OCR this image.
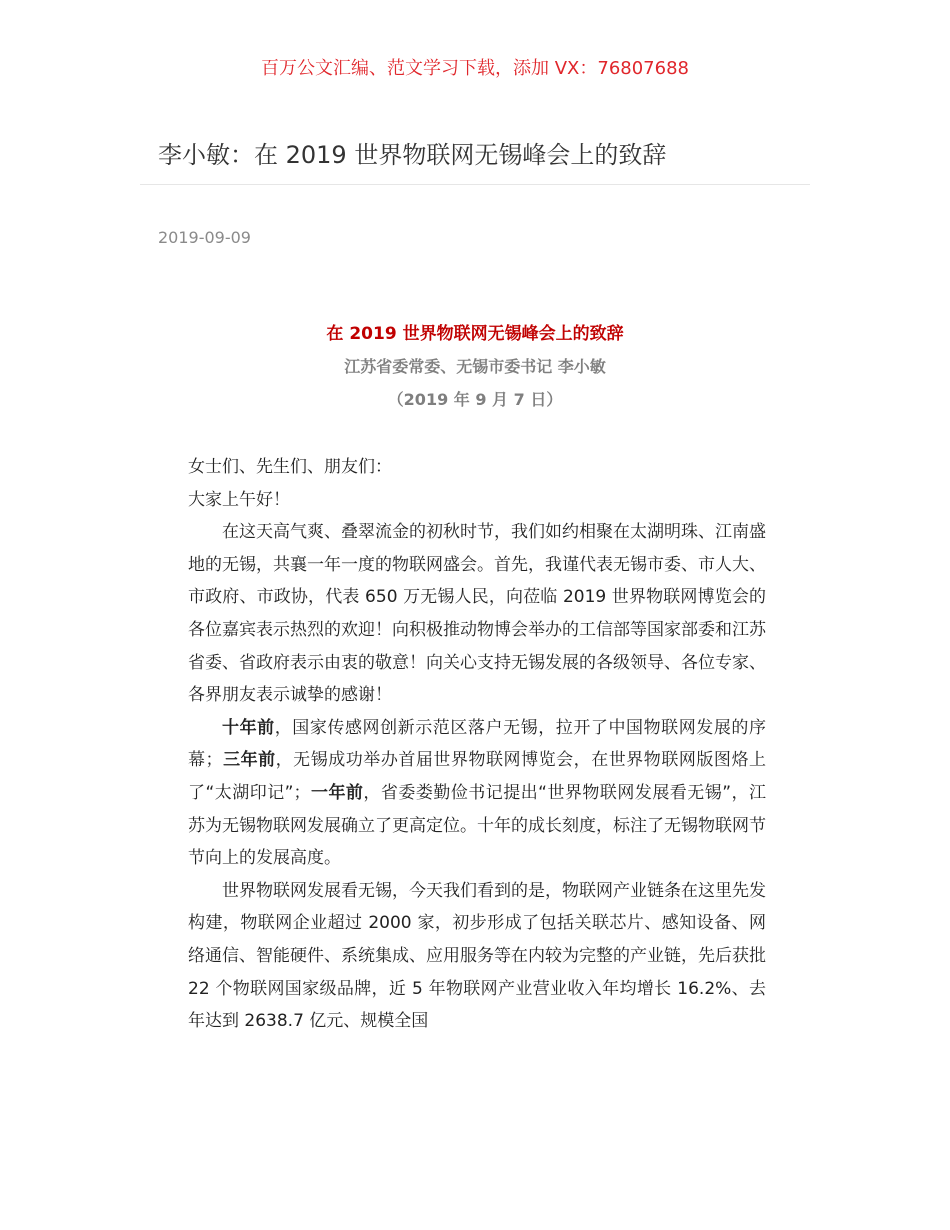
百万公文汇编、范文学习下载，添加 VX：76807688
李小敏：在 2019 世界物联网无锡峰会上的致辞
2019-09-09
在 2019 世界物联网无锡峰会上的致辞
江苏省委常委、无锡市委书记 李小敏
（2019 年 9 月 7 日）

女士们、先生们、朋友们：

大家上午好！

在这天高气爽、叠翠流金的初秋时节，我们如约相聚在太湖明珠、江南盛地的无锡，共襄一年一度的物联网盛会。首先，我谨代表无锡市委、市人大、市政府、市政协，代表 650 万无锡人民，向莅临 2019 世界物联网博览会的各位嘉宾表示热烈的欢迎！向积极推动物博会举办的工信部等国家部委和江苏省委、省政府表示由衷的敬意！向关心支持无锡发展的各级领导、各位专家、各界朋友表示诚挚的感谢！

十年前，国家传感网创新示范区落户无锡，拉开了中国物联网发展的序幕；三年前，无锡成功举办首届世界物联网博览会，在世界物联网版图烙上了“太湖印记”；一年前，省委娄勤俭书记提出“世界物联网发展看无锡”，江苏为无锡物联网发展确立了更高定位。十年的成长刻度，标注了无锡物联网节节向上的发展高度。

世界物联网发展看无锡，今天我们看到的是，物联网产业链条在这里先发构建，物联网企业超过 2000 家，初步形成了包括关联芯片、感知设备、网络通信、智能硬件、系统集成、应用服务等在内较为完整的产业链，先后获批 22 个物联网国家级品牌，近 5 年物联网产业营业收入年均增长 16.2%、去年达到 2638.7 亿元、规模全国
